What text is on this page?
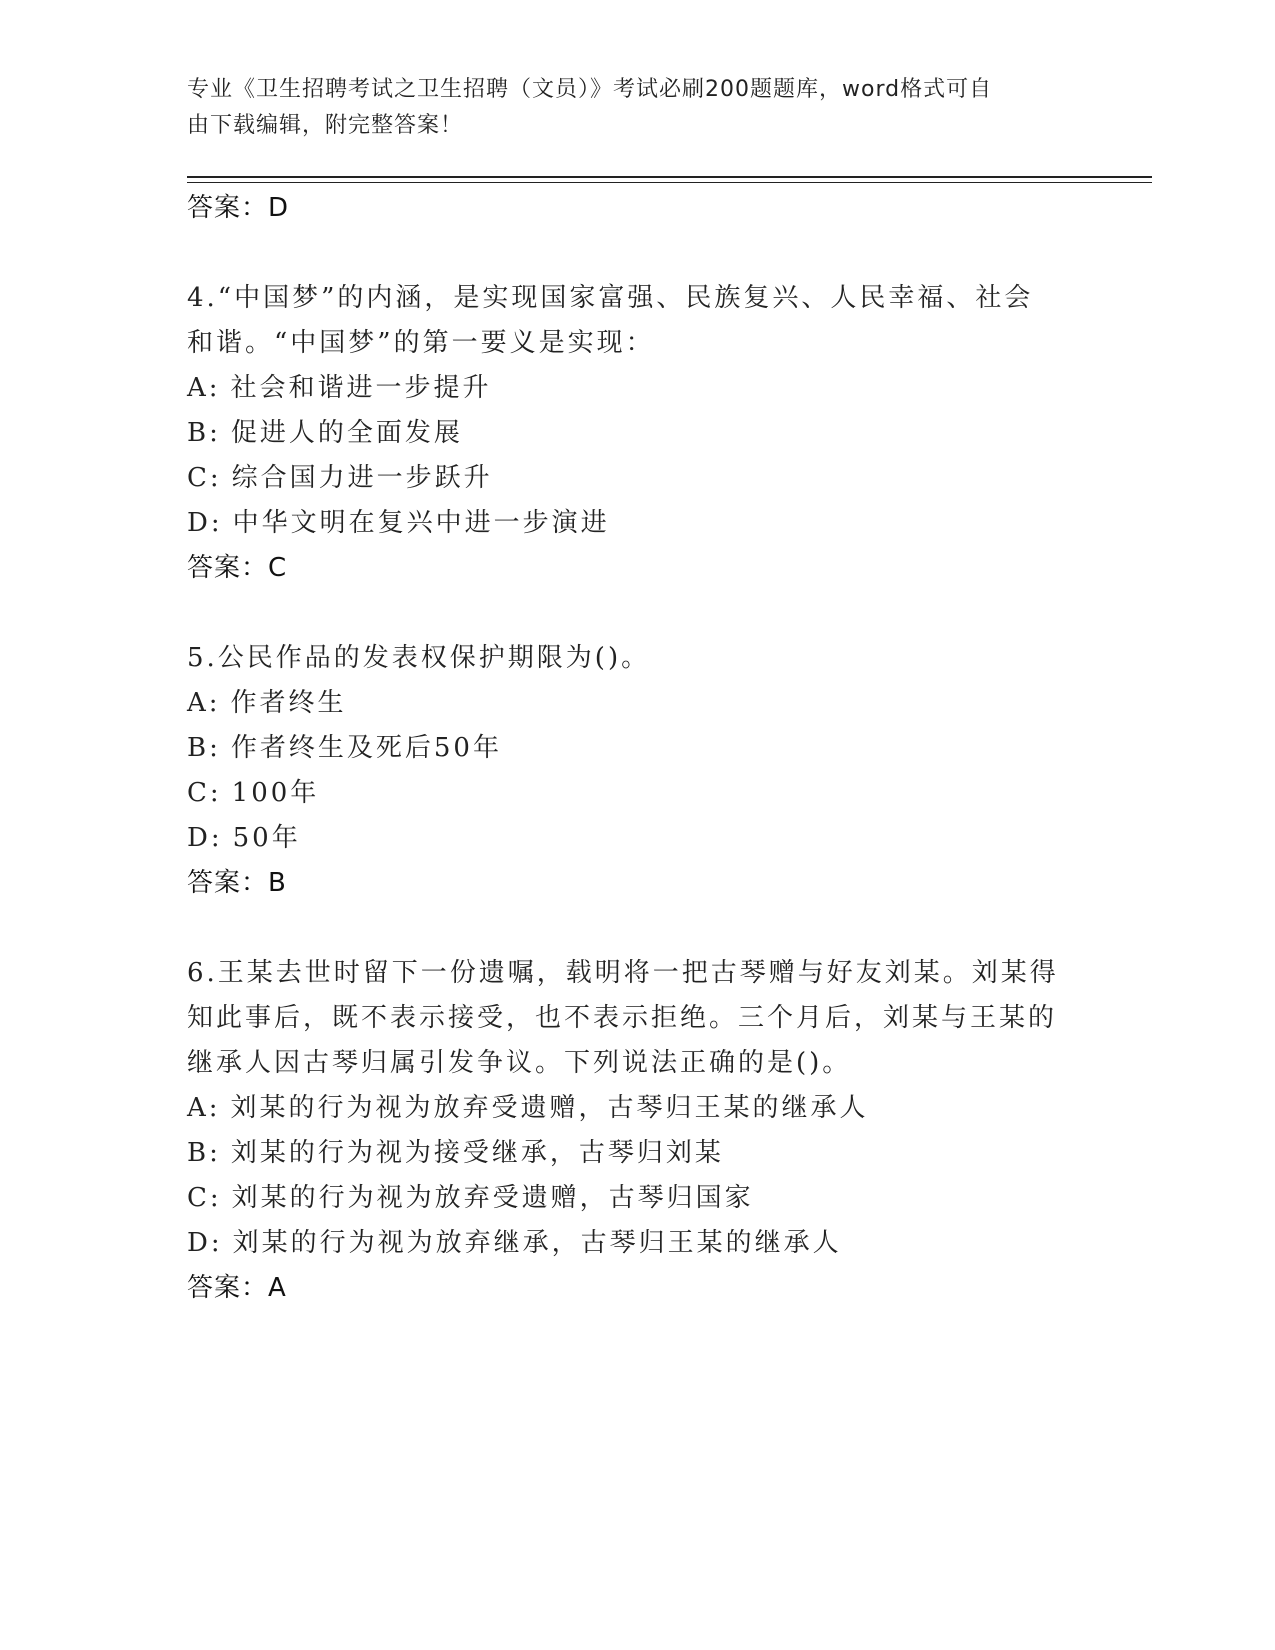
专业《卫生招聘考试之卫生招聘（文员）》考试必刷200题题库，word格式可自
由下载编辑，附完整答案！
答案：D
4.“中国梦”的内涵，是实现国家富强、民族复兴、人民幸福、社会
和谐。“中国梦”的第一要义是实现：
A: 社会和谐进一步提升
B: 促进人的全面发展
C: 综合国力进一步跃升
D: 中华文明在复兴中进一步演进
答案：C
5.公民作品的发表权保护期限为()。
A: 作者终生
B: 作者终生及死后50年
C: 100年
D: 50年
答案：B
6.王某去世时留下一份遗嘱，载明将一把古琴赠与好友刘某。刘某得
知此事后，既不表示接受，也不表示拒绝。三个月后，刘某与王某的
继承人因古琴归属引发争议。下列说法正确的是()。
A: 刘某的行为视为放弃受遗赠，古琴归王某的继承人
B: 刘某的行为视为接受继承，古琴归刘某
C: 刘某的行为视为放弃受遗赠，古琴归国家
D: 刘某的行为视为放弃继承，古琴归王某的继承人
答案：A
